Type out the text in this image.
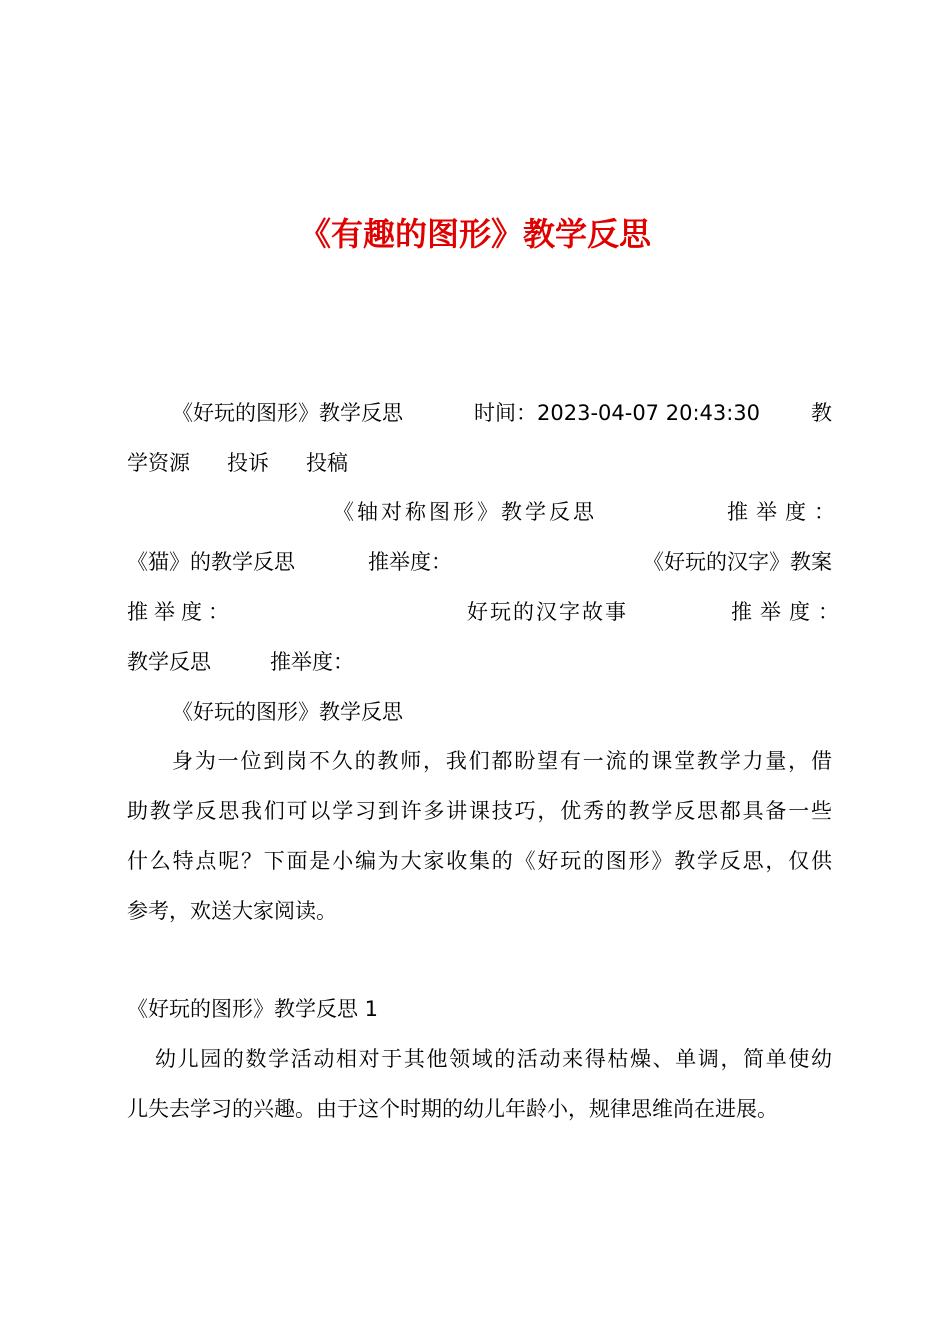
《有趣的图形》教学反思
《好玩的图形》教学反思	时间：2023-04-07 20:43:30 教
学资源 投诉 投稿
《轴对称图形》教学反思	推举度：
《猫》的教学反思	推举度：	《好玩的汉字》教案
推举度：	好玩的汉字故事	推举度：
教学反思	推举度：
《好玩的图形》教学反思
身为一位到岗不久的教师，我们都盼望有一流的课堂教学力量，借
助教学反思我们可以学习到许多讲课技巧，优秀的教学反思都具备一些
什么特点呢？下面是小编为大家收集的《好玩的图形》教学反思，仅供
参考，欢送大家阅读。
《好玩的图形》教学反思 1
幼儿园的数学活动相对于其他领域的活动来得枯燥、单调，简单使幼
儿失去学习的兴趣。由于这个时期的幼儿年龄小，规律思维尚在进展。
